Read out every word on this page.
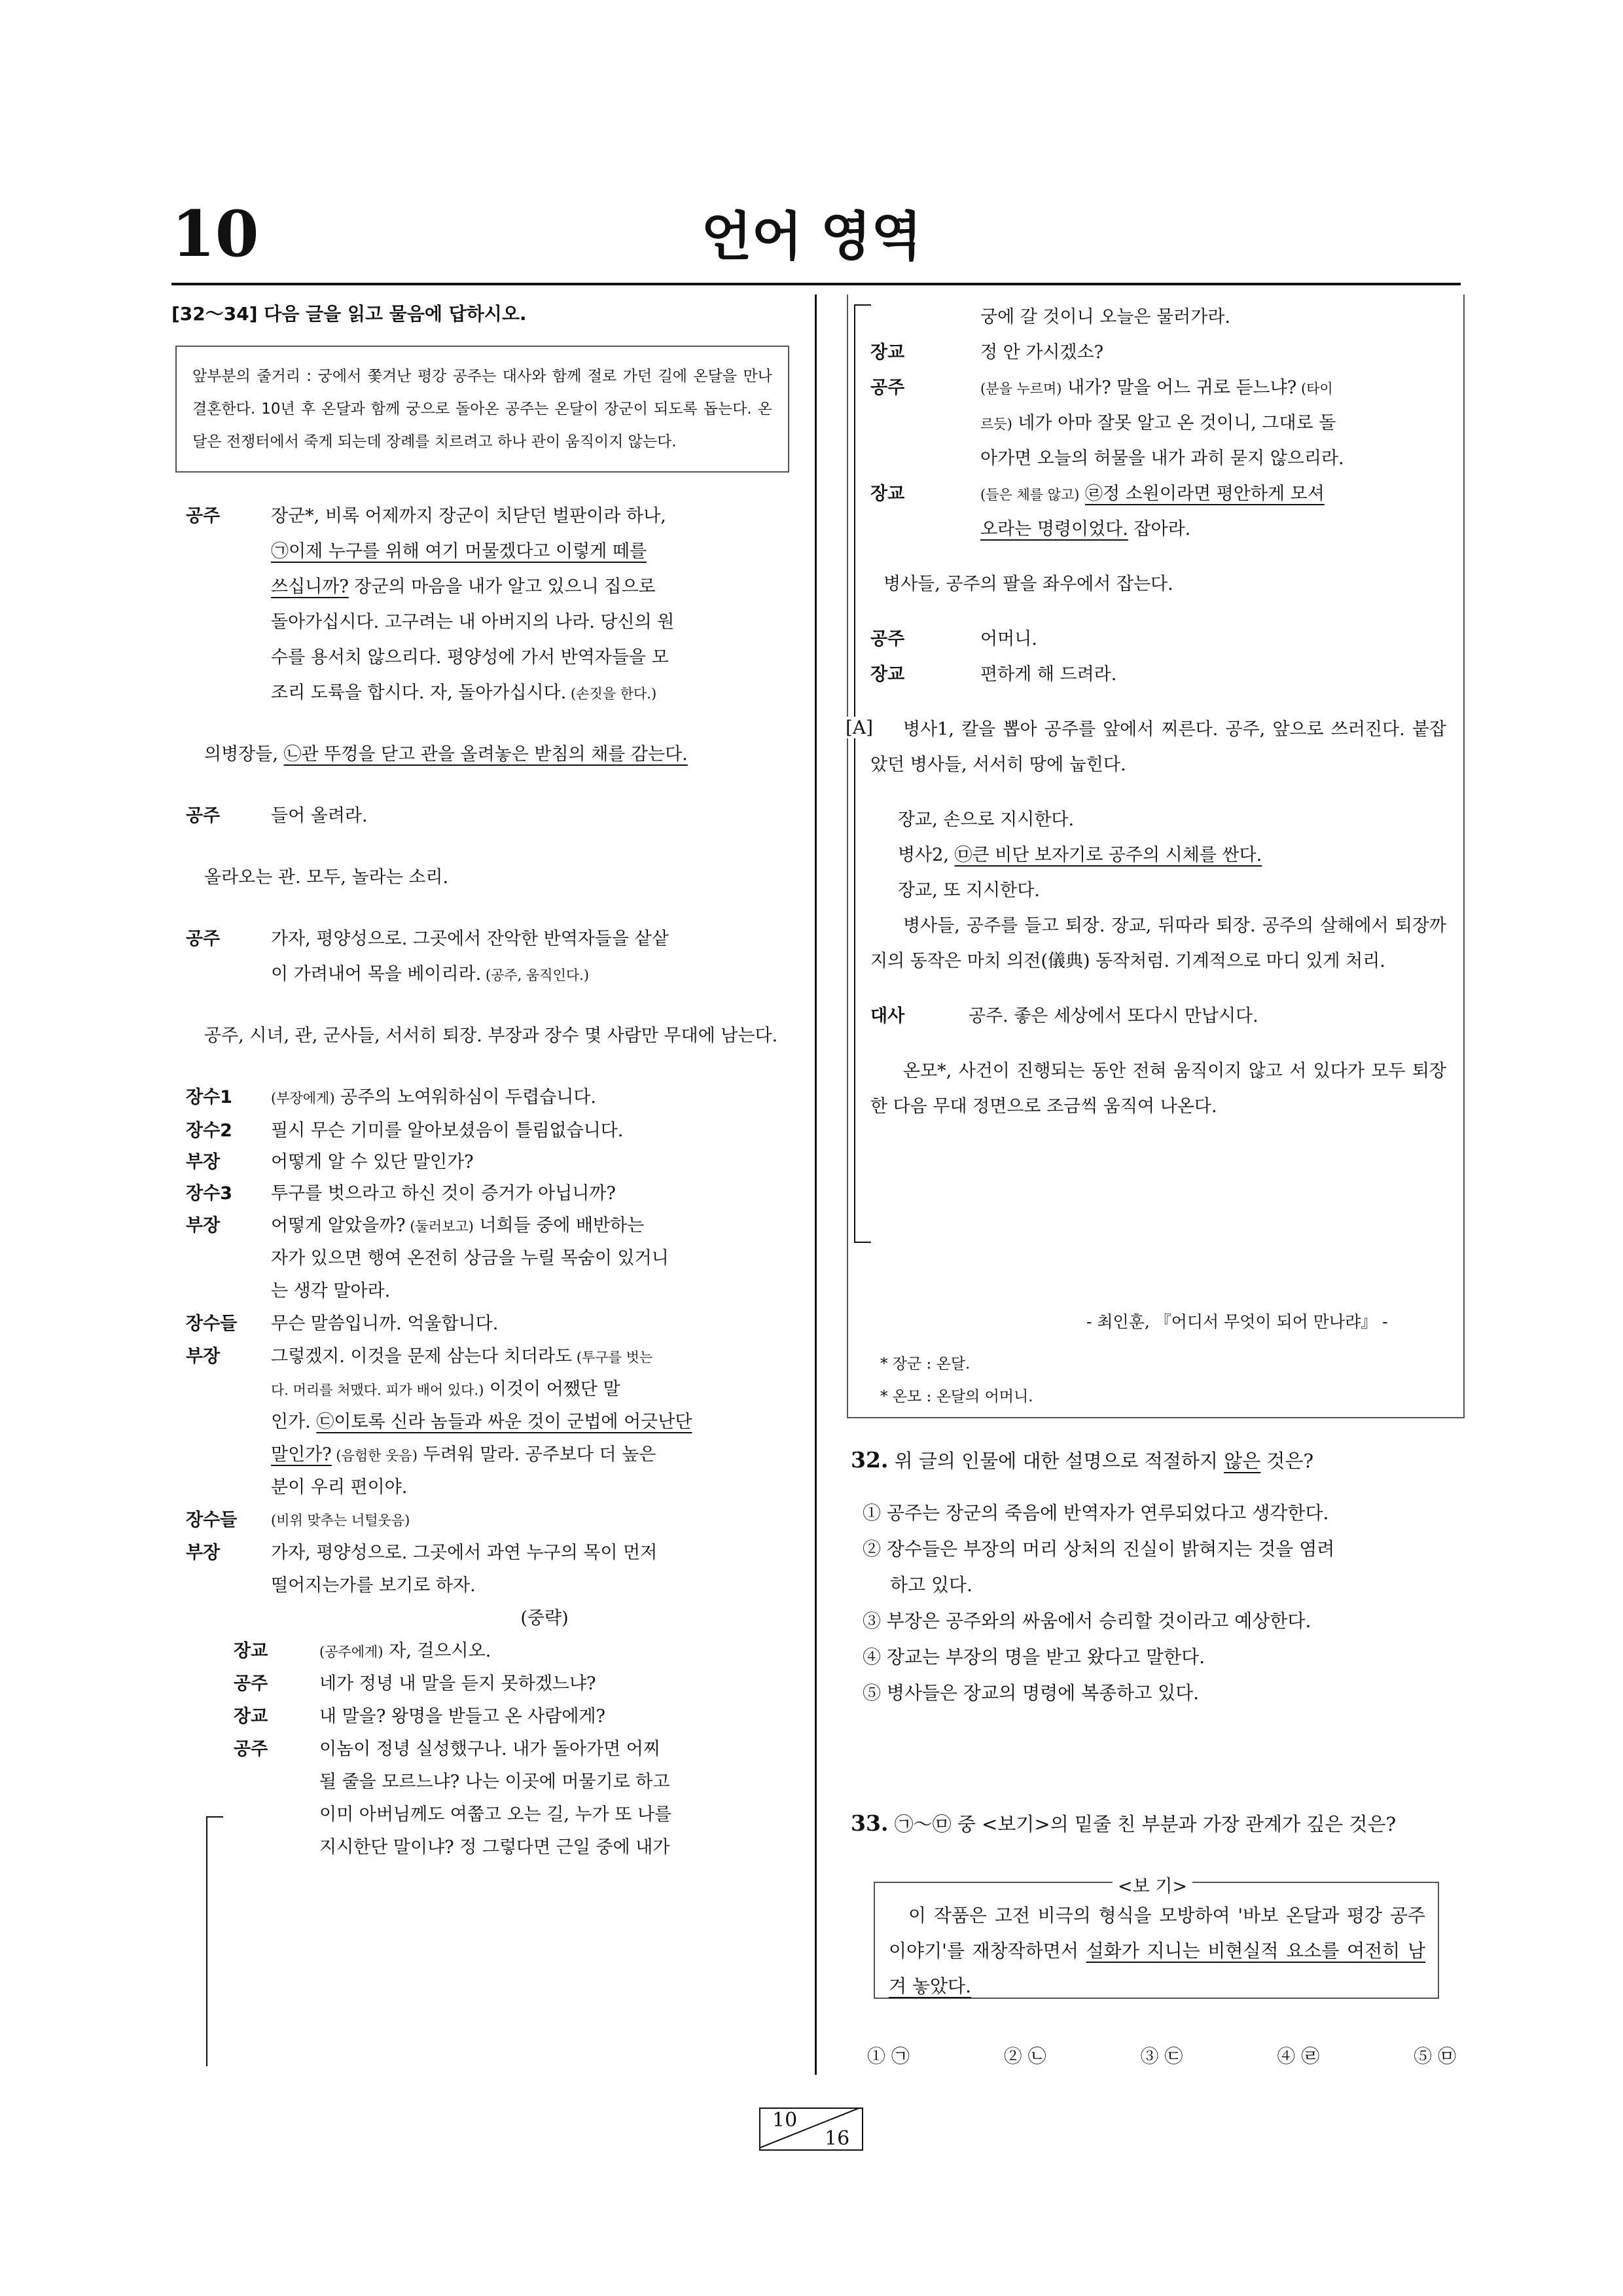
10	언어 영역
[32～34] 다음 글을 읽고 물음에 답하시오.
앞부분의 줄거리 : 궁에서 쫓겨난 평강 공주는 대사와 함께 절로 가던 길에 온달을 만나 결혼한다. 10년 후 온달과 함께 궁으로 돌아온 공주는 온달이 장군이 되도록 돕는다. 온달은 전쟁터에서 죽게 되는데 장례를 치르려고 하나 관이 움직이지 않는다.
공주	장군*, 비록 어제까지 장군이 치닫던 벌판이라 하나,

㉠이제 누구를 위해 여기 머물겠다고 이렇게 떼를

쓰십니까? 장군의 마음을 내가 알고 있으니 집으로

돌아가십시다. 고구려는 내 아버지의 나라. 당신의 원

수를 용서치 않으리다. 평양성에 가서 반역자들을 모

조리 도륙을 합시다. 자, 돌아가십시다. (손짓을 한다.)

의병장들, ㉡관 뚜껑을 닫고 관을 올려놓은 받침의 채를 감는다.
공주	들어 올려라.

올라오는 관. 모두, 놀라는 소리.
공주	가자, 평양성으로. 그곳에서 잔악한 반역자들을 샅샅

이 가려내어 목을 베이리라. (공주, 움직인다.)

공주, 시녀, 관, 군사들, 서서히 퇴장. 부장과 장수 몇 사람만 무대에 남는다.
장수1	(부장에게) 공주의 노여워하심이 두렵습니다.

장수2 필시 무슨 기미를 알아보셨음이 틀림없습니다.

부장	어떻게 알 수 있단 말인가?

장수3 투구를 벗으라고 하신 것이 증거가 아닙니까?

부장	어떻게 알았을까? (둘러보고) 너희들 중에 배반하는

자가 있으면 행여 온전히 상금을 누릴 목숨이 있거니

는 생각 말아라.

장수들 무슨 말씀입니까. 억울합니다.

부장	그렇겠지. 이것을 문제 삼는다 치더라도 (투구를 벗는

다. 머리를 처맸다. 피가 배어 있다.) 이것이 어쨌단 말

인가. ㉢이토록 신라 놈들과 싸운 것이 군법에 어긋난단

말인가? (음험한 웃음) 두려워 말라. 공주보다 더 높은

분이 우리 편이야.

장수들 (비위 맞추는 너털웃음)

부장	가자, 평양성으로. 그곳에서 과연 누구의 목이 먼저

떨어지는가를 보기로 하자.

(중략)
장교	(공주에게) 자, 걸으시오.

공주	네가 정녕 내 말을 듣지 못하겠느냐?

장교	내 말을? 왕명을 받들고 온 사람에게?

공주	이놈이 정녕 실성했구나. 내가 돌아가면 어찌

될 줄을 모르느냐? 나는 이곳에 머물기로 하고

이미 아버님께도 여쭙고 오는 길, 누가 또 나를

지시한단 말이냐? 정 그렇다면 근일 중에 내가

[A]
궁에 갈 것이니 오늘은 물러가라.

장교	정 안 가시겠소?

공주	(분을 누르며) 내가? 말을 어느 귀로 듣느냐? (타이

르듯) 네가 아마 잘못 알고 온 것이니, 그대로 돌

아가면 오늘의 허물을 내가 과히 묻지 않으리라.

장교	(들은 체를 않고) ㉣정 소원이라면 평안하게 모셔

오라는 명령이었다. 잡아라.

병사들, 공주의 팔을 좌우에서 잡는다.

공주	어머니.

장교	편하게 해 드려라.

병사1, 칼을 뽑아 공주를 앞에서 찌른다. 공주, 앞으로 쓰러진다. 붙잡았던 병사들, 서서히 땅에 눕힌다.
장교, 손으로 지시한다.

병사2, ㉤큰 비단 보자기로 공주의 시체를 싼다.

장교, 또 지시한다.

병사들, 공주를 들고 퇴장. 장교, 뒤따라 퇴장. 공주의 살해에서 퇴장까지의 동작은 마치 의전(儀典) 동작처럼. 기계적으로 마디 있게 처리.
대사	공주. 좋은 세상에서 또다시 만납시다.

온모*, 사건이 진행되는 동안 전혀 움직이지 않고 서 있다가 모두 퇴장한 다음 무대 정면으로 조금씩 움직여 나온다.
- 최인훈, 『어디서 무엇이 되어 만나랴』 -
* 장군 : 온달.
* 온모 : 온달의 어머니.
32. 위 글의 인물에 대한 설명으로 적절하지 않은 것은?
① 공주는 장군의 죽음에 반역자가 연루되었다고 생각한다.
② 장수들은 부장의 머리 상처의 진실이 밝혀지는 것을 염려
하고 있다.
③ 부장은 공주와의 싸움에서 승리할 것이라고 예상한다.
④ 장교는 부장의 명을 받고 왔다고 말한다.
⑤ 병사들은 장교의 명령에 복종하고 있다.
33. ㉠～㉤ 중 <보기>의 밑줄 친 부분과 가장 관계가 깊은 것은?
<보 기>
이 작품은 고전 비극의 형식을 모방하여 '바보 온달과 평강 공주 이야기'를 재창작하면서 설화가 지니는 비현실적 요소를 여전히 남겨 놓았다.
① ㉠	② ㉡	③ ㉢	④ ㉣	⑤ ㉤
10
16
